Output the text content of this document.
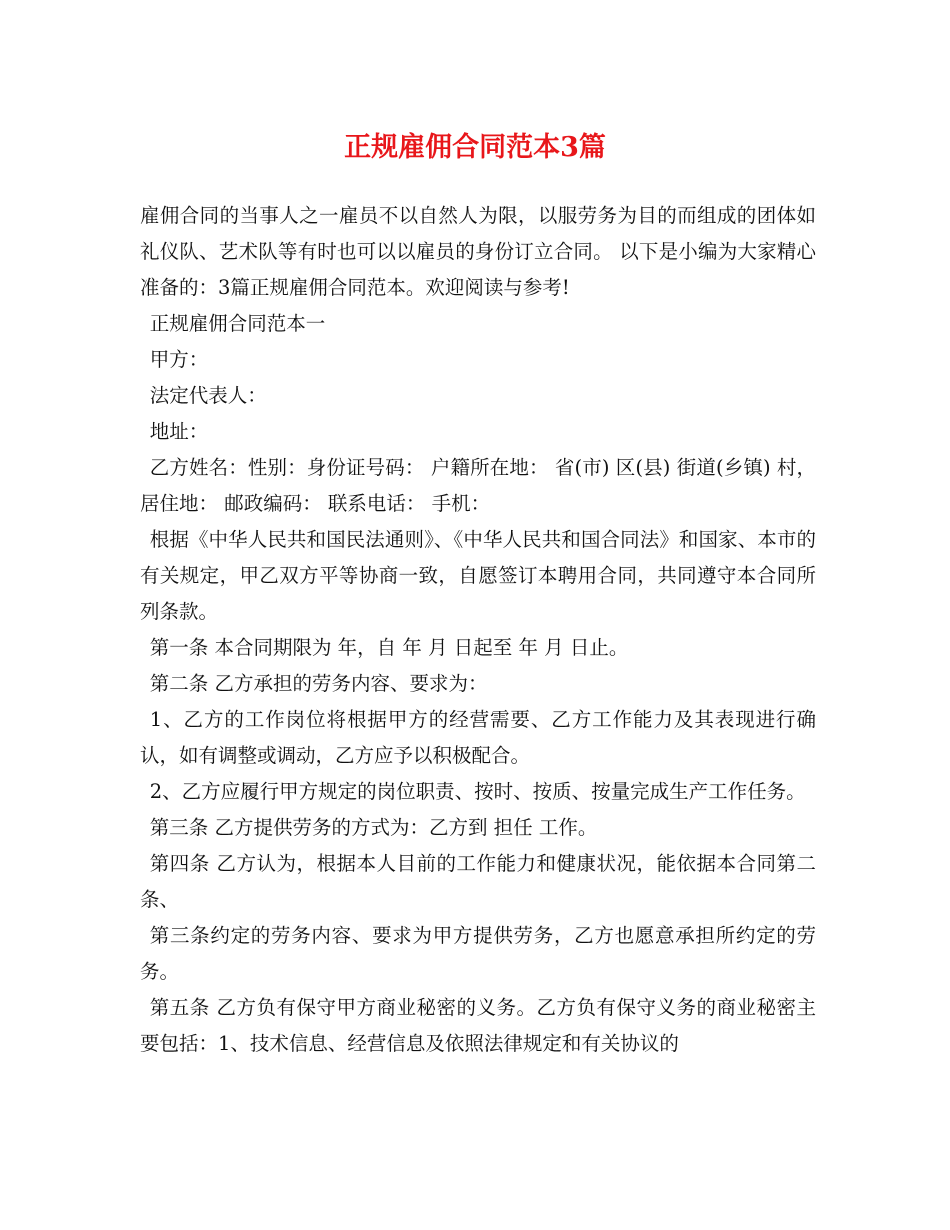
正规雇佣合同范本3篇

雇佣合同的当事人之一雇员不以自然人为限，以服劳务为目的而组成的团体如礼仪队、艺术队等有时也可以以雇员的身份订立合同。 以下是小编为大家精心准备的：3篇正规雇佣合同范本。欢迎阅读与参考!

正规雇佣合同范本一

甲方：

法定代表人：

地址：

乙方姓名：性别：身份证号码： 户籍所在地： 省(市) 区(县) 街道(乡镇) 村， 居住地： 邮政编码： 联系电话： 手机：

根据《中华人民共和国民法通则》、《中华人民共和国合同法》和国家、本市的有关规定，甲乙双方平等协商一致，自愿签订本聘用合同，共同遵守本合同所列条款。

第一条 本合同期限为 年，自 年 月 日起至 年 月 日止。

第二条 乙方承担的劳务内容、要求为：

1、乙方的工作岗位将根据甲方的经营需要、乙方工作能力及其表现进行确认，如有调整或调动，乙方应予以积极配合。

2、乙方应履行甲方规定的岗位职责、按时、按质、按量完成生产工作任务。

第三条 乙方提供劳务的方式为：乙方到 担任 工作。

第四条 乙方认为，根据本人目前的工作能力和健康状况，能依据本合同第二条、

第三条约定的劳务内容、要求为甲方提供劳务，乙方也愿意承担所约定的劳务。

第五条 乙方负有保守甲方商业秘密的义务。乙方负有保守义务的商业秘密主要包括：1、技术信息、经营信息及依照法律规定和有关协议的
